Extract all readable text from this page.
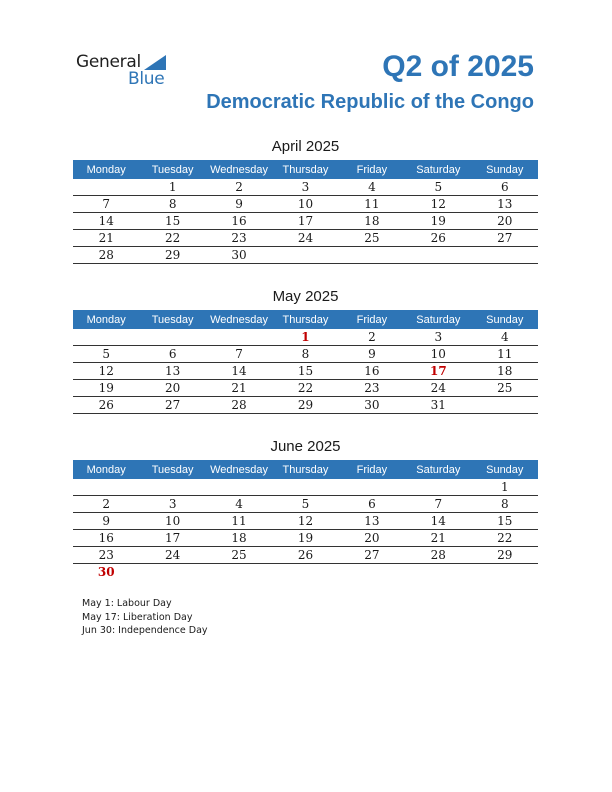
General
Blue	Q2 of 2025
Democratic Republic of the Congo
April 2025
Monday	Tuesday	Wednesday	Thursday	Friday	Saturday	Sunday
	1	2	3	4	5	6
7	8	9	10	11	12	13
14	15	16	17	18	19	20
21	22	23	24	25	26	27
28	29	30				
May 2025
Monday	Tuesday	Wednesday	Thursday	Friday	Saturday	Sunday
			1	2	3	4
5	6	7	8	9	10	11
12	13	14	15	16	17	18
19	20	21	22	23	24	25
26	27	28	29	30	31	
June 2025
Monday	Tuesday	Wednesday	Thursday	Friday	Saturday	Sunday
						1
2	3	4	5	6	7	8
9	10	11	12	13	14	15
16	17	18	19	20	21	22
23	24	25	26	27	28	29
30						
May 1: Labour Day
May 17: Liberation Day
Jun 30: Independence Day
